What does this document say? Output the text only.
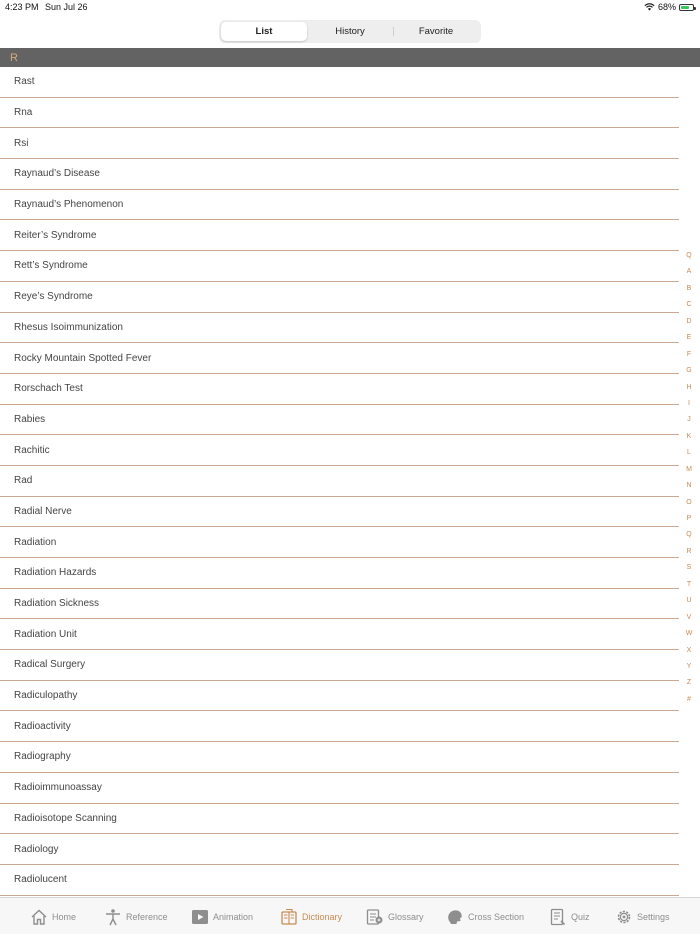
4:23 PM Sun Jul 26	68%
List	History	Favorite
R
Rast
Rna
Rsi
Raynaud’s Disease
Raynaud’s Phenomenon
Reiter’s Syndrome
Rett’s Syndrome
Reye’s Syndrome
Rhesus Isoimmunization
Rocky Mountain Spotted Fever
Rorschach Test
Rabies
Rachitic
Rad
Radial Nerve
Radiation
Radiation Hazards
Radiation Sickness
Radiation Unit
Radical Surgery
Radiculopathy
Radioactivity
Radiography
Radioimmunoassay
Radioisotope Scanning
Radiology
Radiolucent
Q
A
B
C
D
E
F
G
H
I
J
K
L
M
N
O
P
Q
R
S
T
U
V
W
X
Y
Z
#
Home	Reference	Animation	Dictionary	Glossary	Cross Section	Quiz	Settings
